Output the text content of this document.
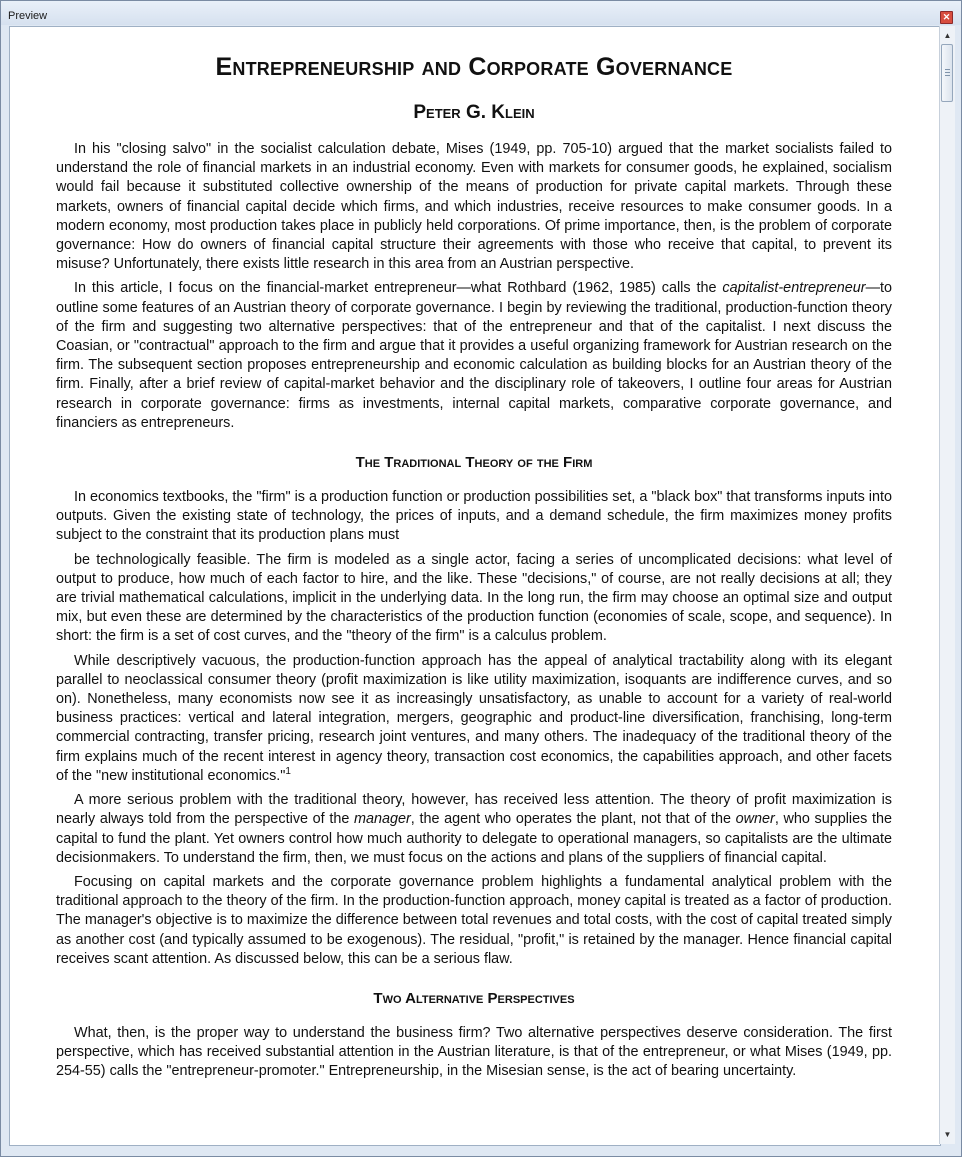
Preview	✕
Entrepreneurship and Corporate Governance
Peter G. Klein

In his "closing salvo" in the socialist calculation debate, Mises (1949, pp. 705-10) argued that the market socialists failed to understand the role of financial markets in an industrial economy. Even with markets for consumer goods, he explained, socialism would fail because it substituted collective ownership of the means of production for private capital markets. Through these markets, owners of financial capital decide which firms, and which industries, receive resources to make consumer goods. In a modern economy, most production takes place in publicly held corporations. Of prime importance, then, is the problem of corporate governance: How do owners of financial capital structure their agreements with those who receive that capital, to prevent its misuse? Unfortunately, there exists little research in this area from an Austrian perspective.

In this article, I focus on the financial-market entrepreneur—what Rothbard (1962, 1985) calls the capitalist-entrepreneur—to outline some features of an Austrian theory of corporate governance. I begin by reviewing the traditional, production-function theory of the firm and suggesting two alternative perspectives: that of the entrepreneur and that of the capitalist. I next discuss the Coasian, or "contractual" approach to the firm and argue that it provides a useful organizing framework for Austrian research on the firm. The subsequent section proposes entrepreneurship and economic calculation as building blocks for an Austrian theory of the firm. Finally, after a brief review of capital-market behavior and the disciplinary role of takeovers, I outline four areas for Austrian research in corporate governance: firms as investments, internal capital markets, comparative corporate governance, and financiers as entrepreneurs.

The Traditional Theory of the Firm

In economics textbooks, the "firm" is a production function or production possibilities set, a "black box" that transforms inputs into outputs. Given the existing state of technology, the prices of inputs, and a demand schedule, the firm maximizes money profits subject to the constraint that its production plans must

be technologically feasible. The firm is modeled as a single actor, facing a series of uncomplicated decisions: what level of output to produce, how much of each factor to hire, and the like. These "decisions," of course, are not really decisions at all; they are trivial mathematical calculations, implicit in the underlying data. In the long run, the firm may choose an optimal size and output mix, but even these are determined by the characteristics of the production function (economies of scale, scope, and sequence). In short: the firm is a set of cost curves, and the "theory of the firm" is a calculus problem.

While descriptively vacuous, the production-function approach has the appeal of analytical tractability along with its elegant parallel to neoclassical consumer theory (profit maximization is like utility maximization, isoquants are indifference curves, and so on). Nonetheless, many economists now see it as increasingly unsatisfactory, as unable to account for a variety of real-world business practices: vertical and lateral integration, mergers, geographic and product-line diversification, franchising, long-term commercial contracting, transfer pricing, research joint ventures, and many others. The inadequacy of the traditional theory of the firm explains much of the recent interest in agency theory, transaction cost economics, the capabilities approach, and other facets of the "new institutional economics."$^1$

A more serious problem with the traditional theory, however, has received less attention. The theory of profit maximization is nearly always told from the perspective of the manager, the agent who operates the plant, not that of the owner, who supplies the capital to fund the plant. Yet owners control how much authority to delegate to operational managers, so capitalists are the ultimate decisionmakers. To understand the firm, then, we must focus on the actions and plans of the suppliers of financial capital.

Focusing on capital markets and the corporate governance problem highlights a fundamental analytical problem with the traditional approach to the theory of the firm. In the production-function approach, money capital is treated as a factor of production. The manager's objective is to maximize the difference between total revenues and total costs, with the cost of capital treated simply as another cost (and typically assumed to be exogenous). The residual, "profit," is retained by the manager. Hence financial capital receives scant attention. As discussed below, this can be a serious flaw.

Two Alternative Perspectives

What, then, is the proper way to understand the business firm? Two alternative perspectives deserve consideration. The first perspective, which has received substantial attention in the Austrian literature, is that of the entrepreneur, or what Mises (1949, pp. 254-55) calls the "entrepreneur-promoter." Entrepreneurship, in the Misesian sense, is the act of bearing uncertainty.

▲
▼
